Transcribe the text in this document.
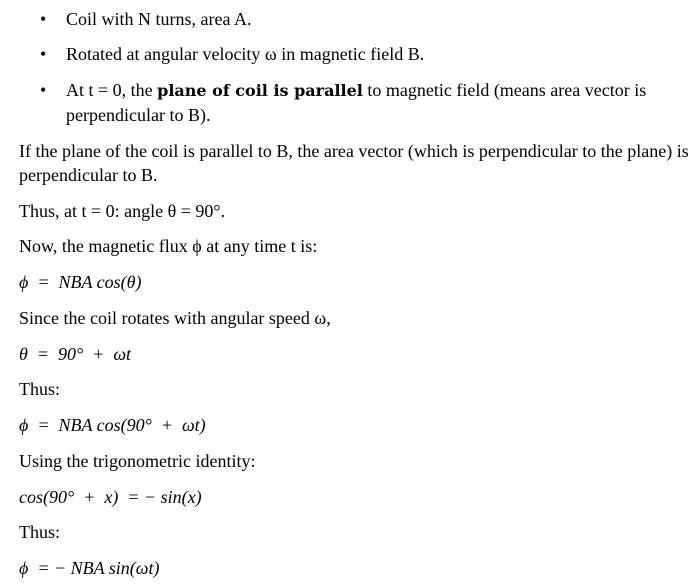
•	Coil with N turns, area A.
•	Rotated at angular velocity ω in magnetic field B.
•	At t = 0, the plane of coil is parallel to magnetic field (means area vector is perpendicular to B).
If the plane of the coil is parallel to B, the area vector (which is perpendicular to the plane) is perpendicular to B.
Thus, at t = 0: angle θ = 90°.
Now, the magnetic flux ϕ at any time t is:
ϕ  =  NBA cos(θ)
Since the coil rotates with angular speed ω,
θ  =  90°  +  ωt
Thus:
ϕ  =  NBA cos(90°  +  ωt)
Using the trigonometric identity:
cos(90°  +  x)  = − sin(x)
Thus:
ϕ  = − NBA sin(ωt)
